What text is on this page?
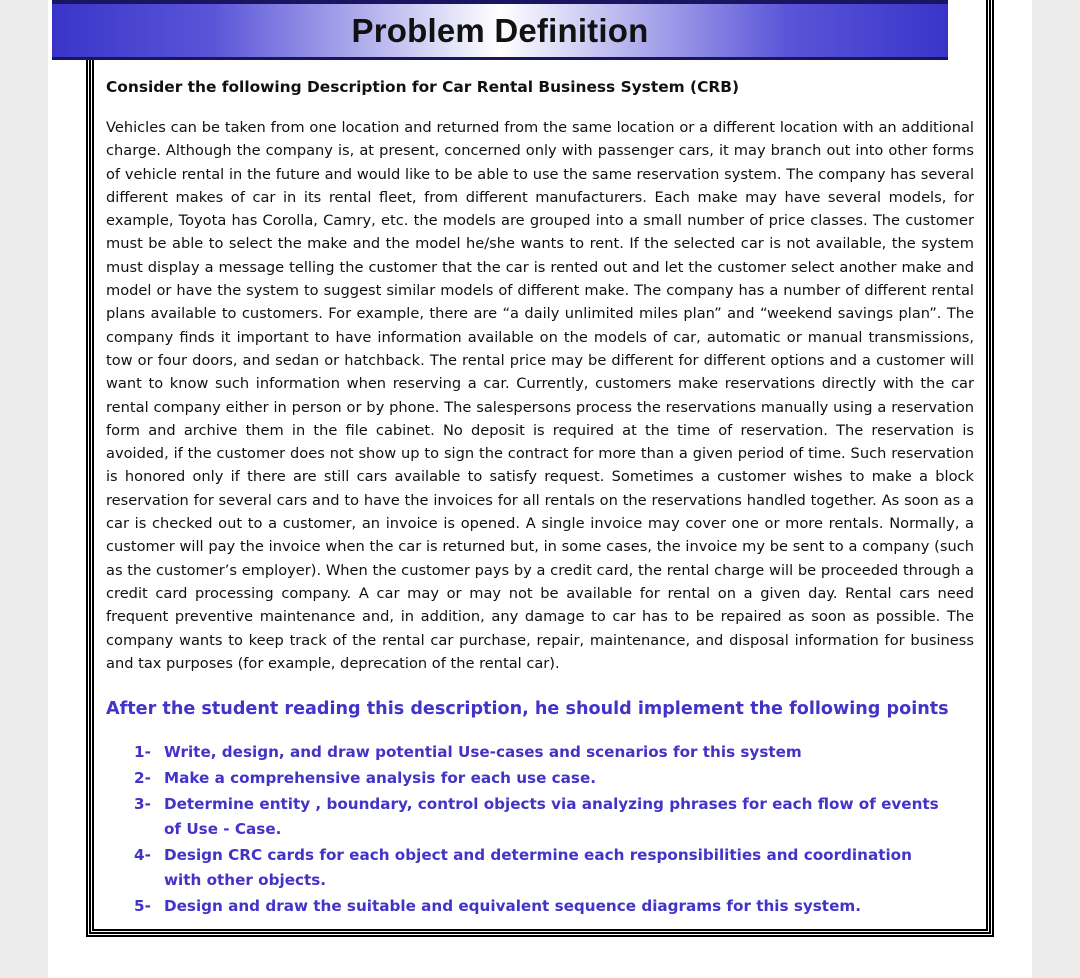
Problem Definition

Consider the following Description for Car Rental Business System (CRB)

Vehicles can be taken from one location and returned from the same location or a different location with an additional charge. Although the company is, at present, concerned only with passenger cars, it may branch out into other forms of vehicle rental in the future and would like to be able to use the same reservation system. The company has several different makes of car in its rental fleet, from different manufacturers. Each make may have several models, for example, Toyota has Corolla, Camry, etc. the models are grouped into a small number of price classes. The customer must be able to select the make and the model he/she wants to rent. If the selected car is not available, the system must display a message telling the customer that the car is rented out and let the customer select another make and model or have the system to suggest similar models of different make. The company has a number of different rental plans available to customers. For example, there are “a daily unlimited miles plan” and “weekend savings plan”. The company finds it important to have information available on the models of car, automatic or manual transmissions, tow or four doors, and sedan or hatchback. The rental price may be different for different options and a customer will want to know such information when reserving a car. Currently, customers make reservations directly with the car rental company either in person or by phone. The salespersons process the reservations manually using a reservation form and archive them in the file cabinet. No deposit is required at the time of reservation. The reservation is avoided, if the customer does not show up to sign the contract for more than a given period of time. Such reservation is honored only if there are still cars available to satisfy request. Sometimes a customer wishes to make a block reservation for several cars and to have the invoices for all rentals on the reservations handled together. As soon as a car is checked out to a customer, an invoice is opened. A single invoice may cover one or more rentals. Normally, a customer will pay the invoice when the car is returned but, in some cases, the invoice my be sent to a company (such as the customer’s employer). When the customer pays by a credit card, the rental charge will be proceeded through a credit card processing company. A car may or may not be available for rental on a given day. Rental cars need frequent preventive maintenance and, in addition, any damage to car has to be repaired as soon as possible. The company wants to keep track of the rental car purchase, repair, maintenance, and disposal information for business and tax purposes (for example, deprecation of the rental car).

After the student reading this description, he should implement the following points

1- Write, design, and draw potential Use-cases and scenarios for this system
2- Make a comprehensive analysis for each use case.
3- Determine entity , boundary, control objects via analyzing phrases for each flow of events of Use - Case.
4- Design CRC cards for each object and determine each responsibilities and coordination with other objects.
5- Design and draw the suitable and equivalent sequence diagrams for this system.
